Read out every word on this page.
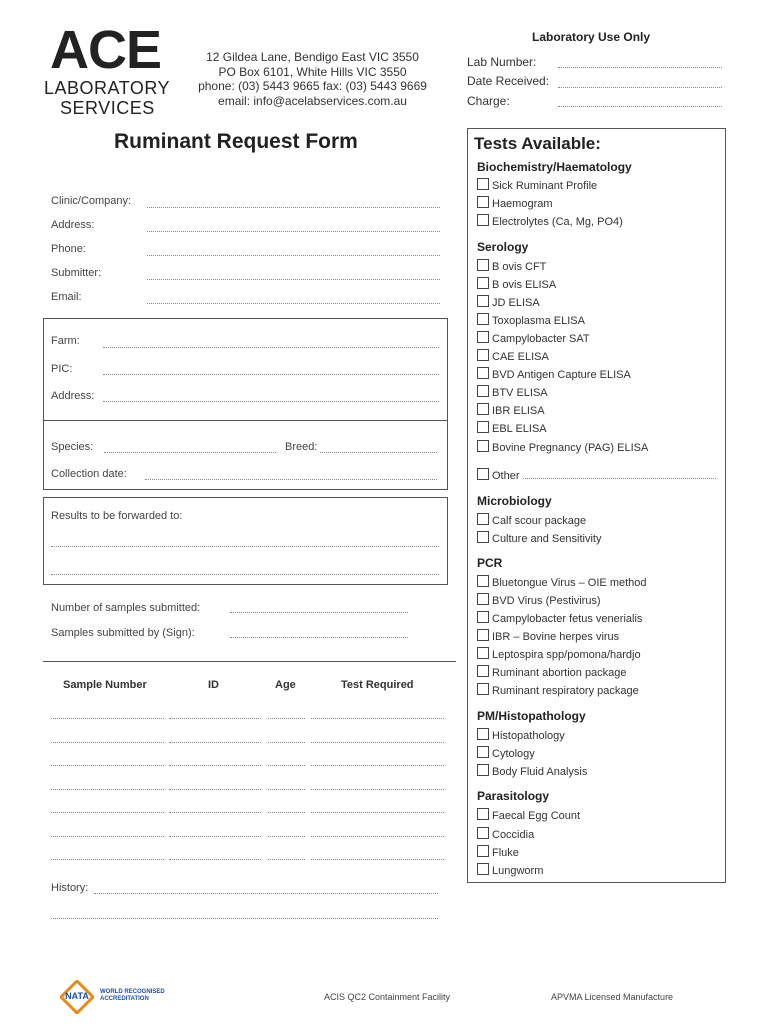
ACE
LABORATORY
SERVICES
12 Gildea Lane, Bendigo East VIC 3550
PO Box 6101, White Hills VIC 3550
phone: (03) 5443 9665 fax: (03) 5443 9669
email: info@acelabservices.com.au
Laboratory Use Only
Lab Number:
Date Received:
Charge:
Ruminant Request Form
Clinic/Company:
Address:
Phone:
Submitter:
Email:
Farm:
PIC:
Address:
Species:	Breed:
Collection date:
Results to be forwarded to:
Number of samples submitted:
Samples submitted by (Sign):
Sample Number	ID	Age	Test Required
History:
Tests Available:
Biochemistry/Haematology
Sick Ruminant Profile
Haemogram
Electrolytes (Ca, Mg, PO4)
Serology
B ovis CFT
B ovis ELISA
JD ELISA
Toxoplasma ELISA
Campylobacter SAT
CAE ELISA
BVD Antigen Capture ELISA
BTV ELISA
IBR ELISA
EBL ELISA
Bovine Pregnancy (PAG) ELISA
Other
Microbiology
Calf scour package
Culture and Sensitivity
PCR
Bluetongue Virus – OIE method
BVD Virus (Pestivirus)
Campylobacter fetus venerialis
IBR – Bovine herpes virus
Leptospira spp/pomona/hardjo
Ruminant abortion package
Ruminant respiratory package
PM/Histopathology
Histopathology
Cytology
Body Fluid Analysis
Parasitology
Faecal Egg Count
Coccidia
Fluke
Lungworm
NATA	WORLD RECOGNISED
ACCREDITATION	ACIS QC2 Containment Facility	APVMA Licensed Manufacture
